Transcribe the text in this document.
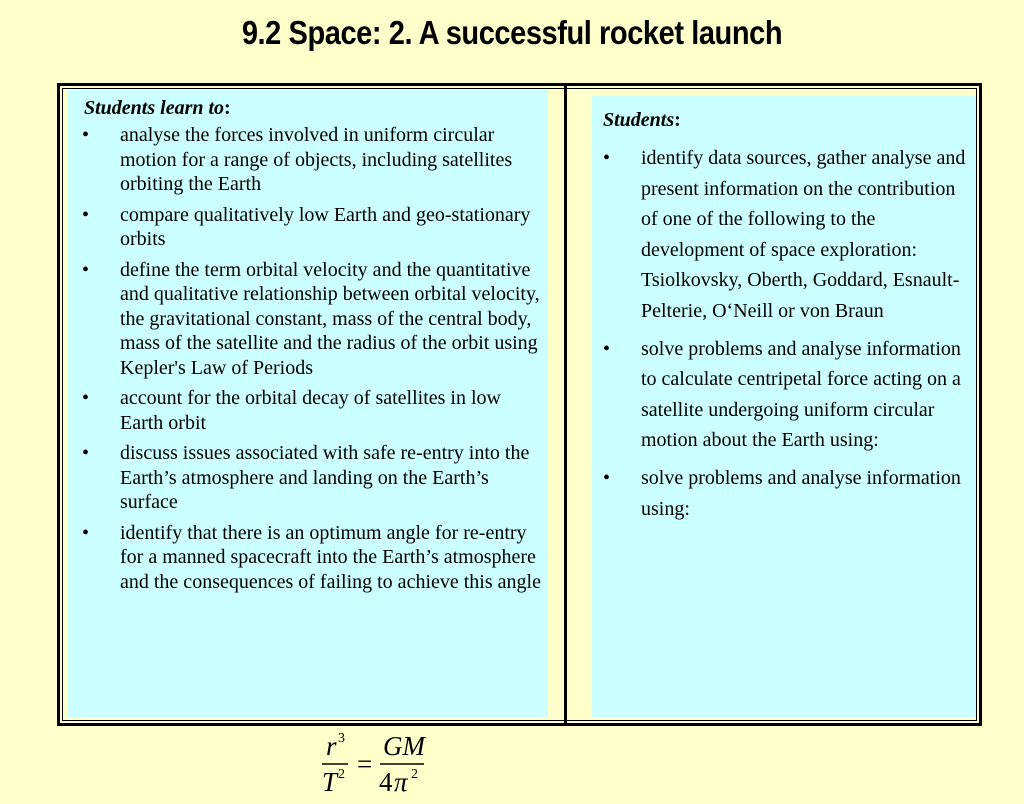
9.2 Space: 2. A successful rocket launch
Students learn to:
• analyse the forces involved in uniform circular motion for a range of objects, including satellites orbiting the Earth
• compare qualitatively low Earth and geo-stationary orbits
• define the term orbital velocity and the quantitative and qualitative relationship between orbital velocity, the gravitational constant, mass of the central body, mass of the satellite and the radius of the orbit using Kepler's Law of Periods
• account for the orbital decay of satellites in low Earth orbit
• discuss issues associated with safe re-entry into the Earth’s atmosphere and landing on the Earth’s surface
• identify that there is an optimum angle for re-entry for a manned spacecraft into the Earth’s atmosphere and the consequences of failing to achieve this angle
Students:
• identify data sources, gather analyse and present information on the contribution of one of the following to the development of space exploration: Tsiolkovsky, Oberth, Goddard, Esnault-Pelterie, O‘Neill or von Braun
• solve problems and analyse information to calculate centripetal force acting on a satellite undergoing uniform circular motion about the Earth using:
• solve problems and analyse information using:
r 3
T 2 =
GM
4 π 2
